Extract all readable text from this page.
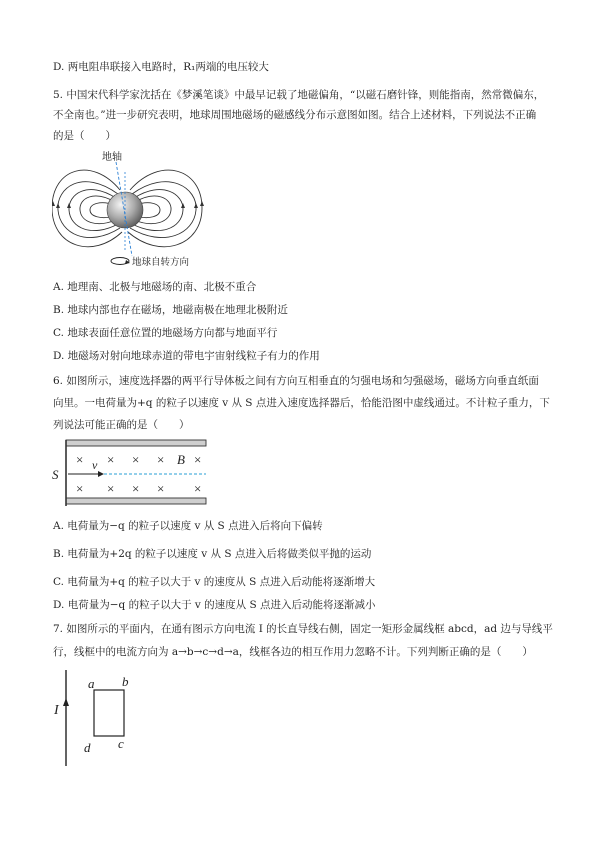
D. 两电阻串联接入电路时，R₁两端的电压较大
5. 中国宋代科学家沈括在《梦溪笔谈》中最早记载了地磁偏角，“以磁石磨针锋，则能指南，然常微偏东，
不全南也。”进一步研究表明，地球周围地磁场的磁感线分布示意图如图。结合上述材料，下列说法不正确
的是（　　）
地轴
地球自转方向
A. 地理南、北极与地磁场的南、北极不重合
B. 地球内部也存在磁场，地磁南极在地理北极附近
C. 地球表面任意位置的地磁场方向都与地面平行
D. 地磁场对射向地球赤道的带电宇宙射线粒子有力的作用
6. 如图所示，速度选择器的两平行导体板之间有方向互相垂直的匀强电场和匀强磁场，磁场方向垂直纸面
向里。一电荷量为+q 的粒子以速度 v 从 S 点进入速度选择器后，恰能沿图中虚线通过。不计粒子重力，下
列说法可能正确的是（　　）
S
v
× × × × B ×
× × × × ×
A. 电荷量为−q 的粒子以速度 v 从 S 点进入后将向下偏转
B. 电荷量为+2q 的粒子以速度 v 从 S 点进入后将做类似平抛的运动
C. 电荷量为+q 的粒子以大于 v 的速度从 S 点进入后动能将逐渐增大
D. 电荷量为−q 的粒子以大于 v 的速度从 S 点进入后动能将逐渐减小
7. 如图所示的平面内，在通有图示方向电流 I 的长直导线右侧，固定一矩形金属线框 abcd，ad 边与导线平
行，线框中的电流方向为 a→b→c→d→a，线框各边的相互作用力忽略不计。下列判断正确的是（　　）
I
a b
c
d
